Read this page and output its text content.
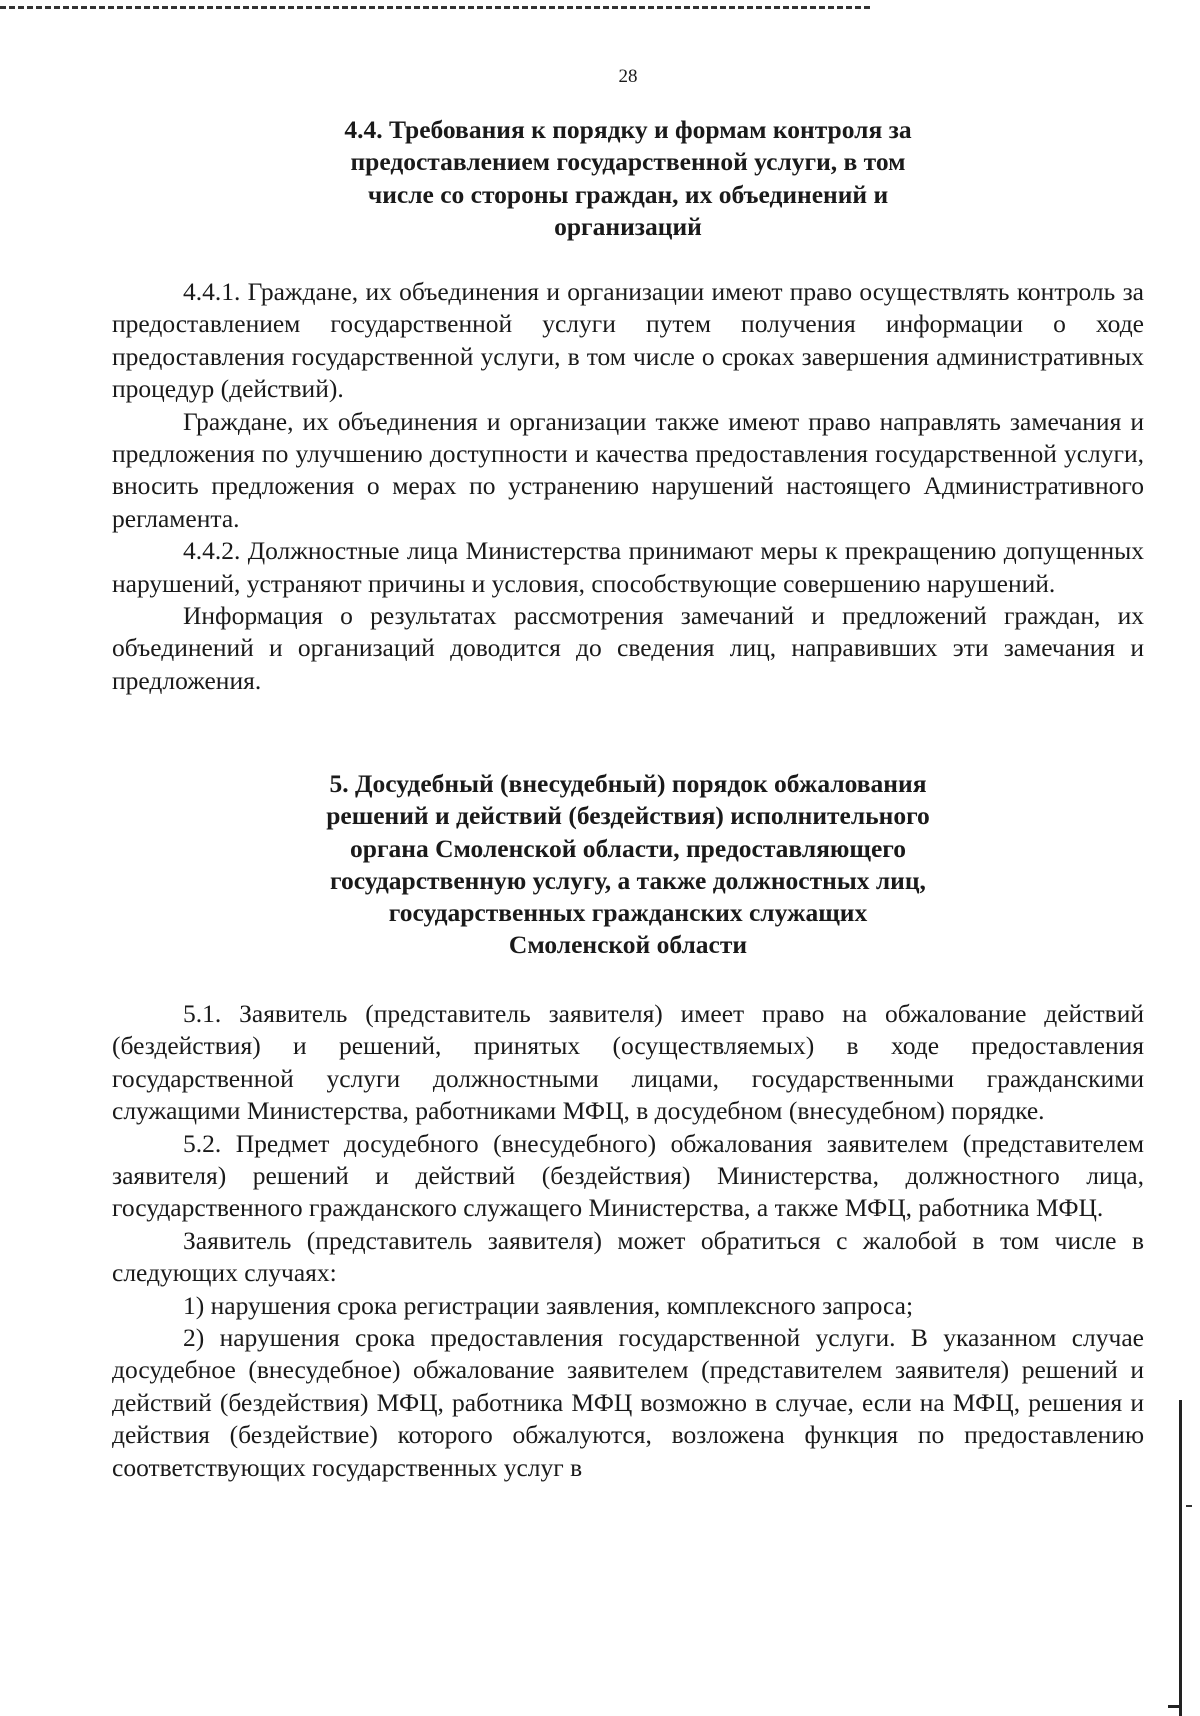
28
4.4. Требования к порядку и формам контроля за
предоставлением государственной услуги, в том
числе со стороны граждан, их объединений и
организаций

4.4.1. Граждане, их объединения и организации имеют право осуществлять контроль за предоставлением государственной услуги путем получения информации о ходе предоставления государственной услуги, в том числе о сроках завершения административных процедур (действий).

Граждане, их объединения и организации также имеют право направлять замечания и предложения по улучшению доступности и качества предоставления государственной услуги, вносить предложения о мерах по устранению нарушений настоящего Административного регламента.

4.4.2. Должностные лица Министерства принимают меры к прекращению допущенных нарушений, устраняют причины и условия, способствующие совершению нарушений.

Информация о результатах рассмотрения замечаний и предложений граждан, их объединений и организаций доводится до сведения лиц, направивших эти замечания и предложения.

5. Досудебный (внесудебный) порядок обжалования
решений и действий (бездействия) исполнительного
органа Смоленской области, предоставляющего
государственную услугу, а также должностных лиц,
государственных гражданских служащих
Смоленской области

5.1. Заявитель (представитель заявителя) имеет право на обжалование действий (бездействия) и решений, принятых (осуществляемых) в ходе предоставления государственной услуги должностными лицами, государственными гражданскими служащими Министерства, работниками МФЦ, в досудебном (внесудебном) порядке.

5.2. Предмет досудебного (внесудебного) обжалования заявителем (представителем заявителя) решений и действий (бездействия) Министерства, должностного лица, государственного гражданского служащего Министерства, а также МФЦ, работника МФЦ.

Заявитель (представитель заявителя) может обратиться с жалобой в том числе в следующих случаях:

1) нарушения срока регистрации заявления, комплексного запроса;

2) нарушения срока предоставления государственной услуги. В указанном случае досудебное (внесудебное) обжалование заявителем (представителем заявителя) решений и действий (бездействия) МФЦ, работника МФЦ возможно в случае, если на МФЦ, решения и действия (бездействие) которого обжалуются, возложена функция по предоставлению соответствующих государственных услуг в
